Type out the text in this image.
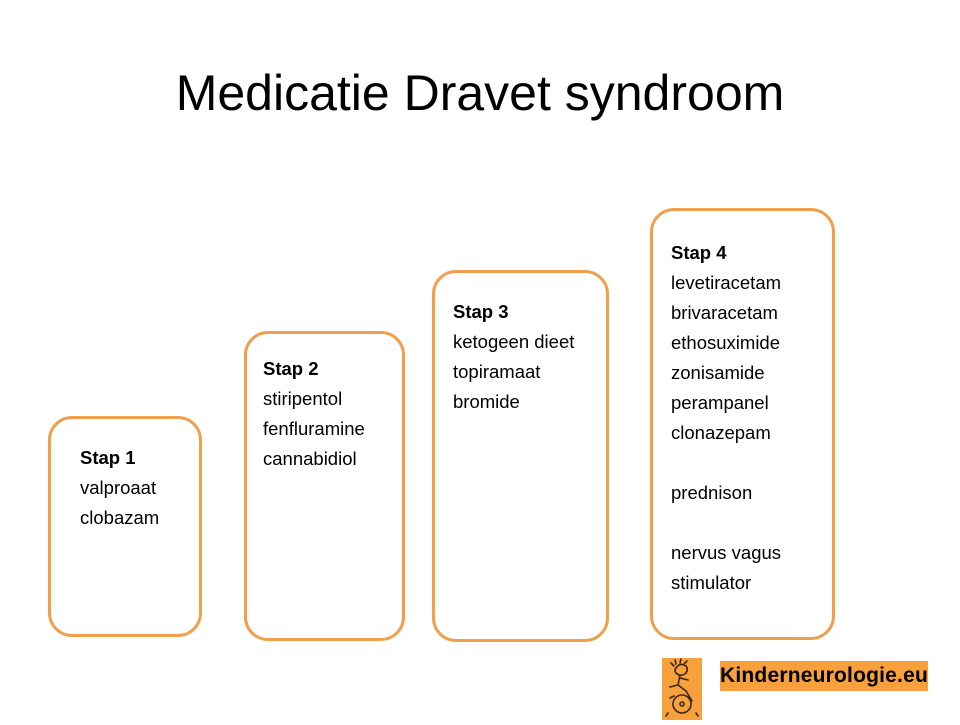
Medicatie Dravet syndroom
Stap 1
valproaat
clobazam
Stap 2
stiripentol
fenfluramine
cannabidiol
Stap 3
ketogeen dieet
topiramaat
bromide
Stap 4
levetiracetam
brivaracetam
ethosuximide
zonisamide
perampanel
clonazepam
prednison
nervus vagus
stimulator
Kinderneurologie.eu
